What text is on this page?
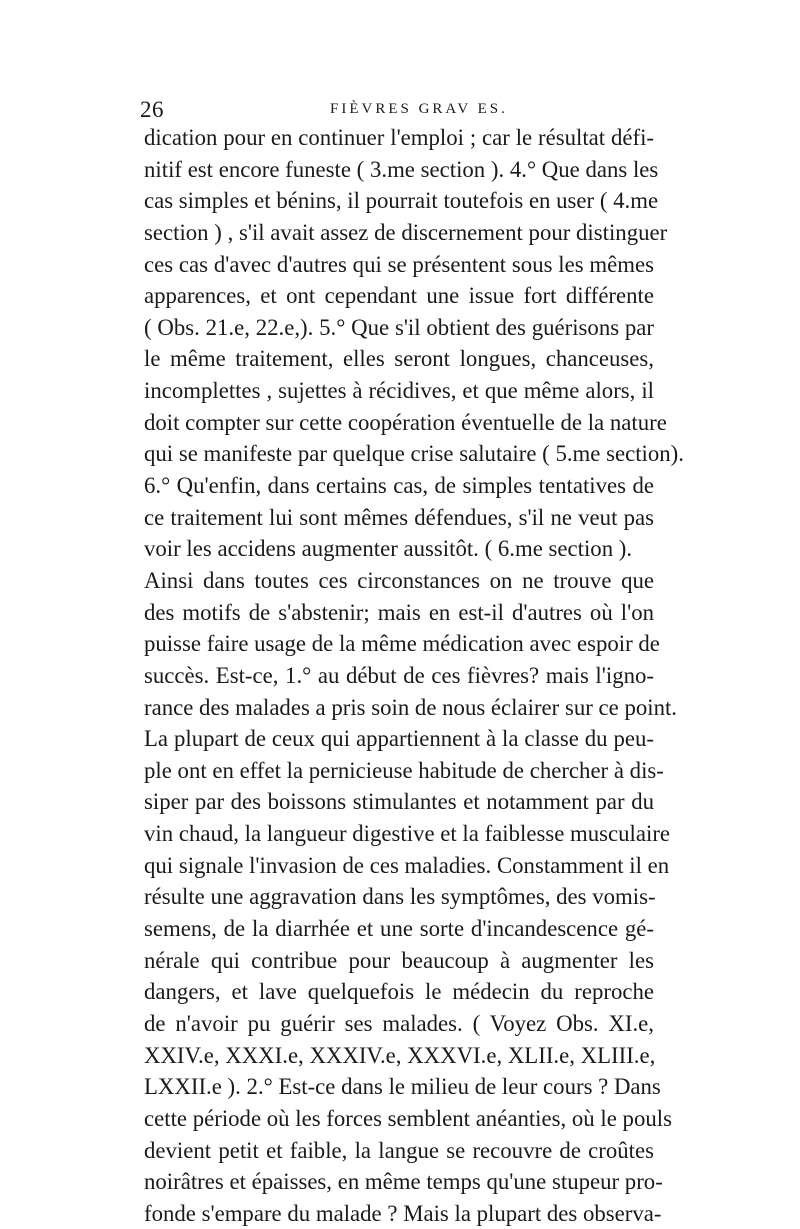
26	FIÈVRES GRAV ES.
dication pour en continuer l'emploi ; car le résultat défi-
nitif est encore funeste ( 3.me section ). 4.° Que dans les
cas simples et bénins, il pourrait toutefois en user ( 4.me
section ) , s'il avait assez de discernement pour distinguer
ces cas d'avec d'autres qui se présentent sous les mêmes
apparences, et ont cependant une issue fort différente
( Obs. 21.e, 22.e,). 5.° Que s'il obtient des guérisons par
le même traitement, elles seront longues, chanceuses,
incomplettes , sujettes à récidives, et que même alors, il
doit compter sur cette coopération éventuelle de la nature
qui se manifeste par quelque crise salutaire ( 5.me section).
6.° Qu'enfin, dans certains cas, de simples tentatives de
ce traitement lui sont mêmes défendues, s'il ne veut pas
voir les accidens augmenter aussitôt. ( 6.me section ).
Ainsi dans toutes ces circonstances on ne trouve que
des motifs de s'abstenir; mais en est-il d'autres où l'on
puisse faire usage de la même médication avec espoir de
succès. Est-ce, 1.° au début de ces fièvres? mais l'igno-
rance des malades a pris soin de nous éclairer sur ce point.
La plupart de ceux qui appartiennent à la classe du peu-
ple ont en effet la pernicieuse habitude de chercher à dis-
siper par des boissons stimulantes et notamment par du
vin chaud, la langueur digestive et la faiblesse musculaire
qui signale l'invasion de ces maladies. Constamment il en
résulte une aggravation dans les symptômes, des vomis-
semens, de la diarrhée et une sorte d'incandescence gé-
nérale qui contribue pour beaucoup à augmenter les
dangers, et lave quelquefois le médecin du reproche
de n'avoir pu guérir ses malades. ( Voyez Obs. XI.e,
XXIV.e, XXXI.e, XXXIV.e, XXXVI.e, XLII.e, XLIII.e,
LXXII.e ). 2.° Est-ce dans le milieu de leur cours ? Dans
cette période où les forces semblent anéanties, où le pouls
devient petit et faible, la langue se recouvre de croûtes
noirâtres et épaisses, en même temps qu'une stupeur pro-
fonde s'empare du malade ? Mais la plupart des observa-
